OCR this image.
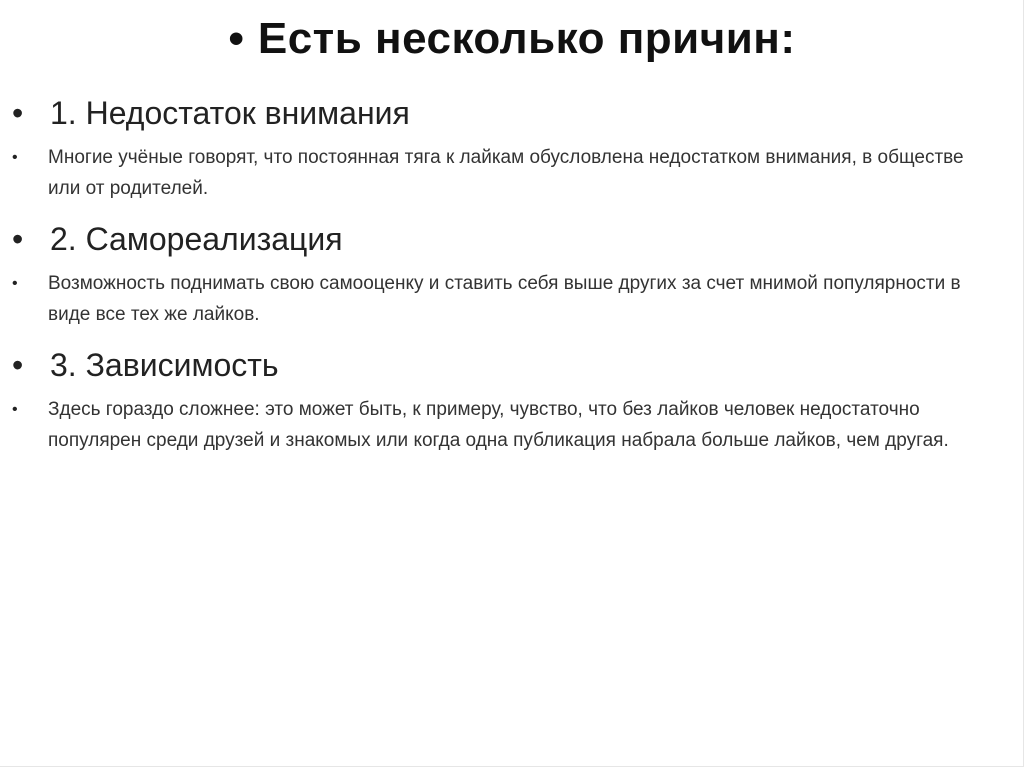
• Есть несколько причин:
• 1. Недостаток внимания
•	Многие учёные говорят, что постоянная тяга к лайкам обусловлена недостатком внимания, в обществе или от родителей.
• 2. Самореализация
•	Возможность поднимать свою самооценку и ставить себя выше других за счет мнимой популярности в виде все тех же лайков.
• 3. Зависимость
•	Здесь гораздо сложнее: это может быть, к примеру, чувство, что без лайков человек недостаточно популярен среди друзей и знакомых или когда одна публикация набрала больше лайков, чем другая.
